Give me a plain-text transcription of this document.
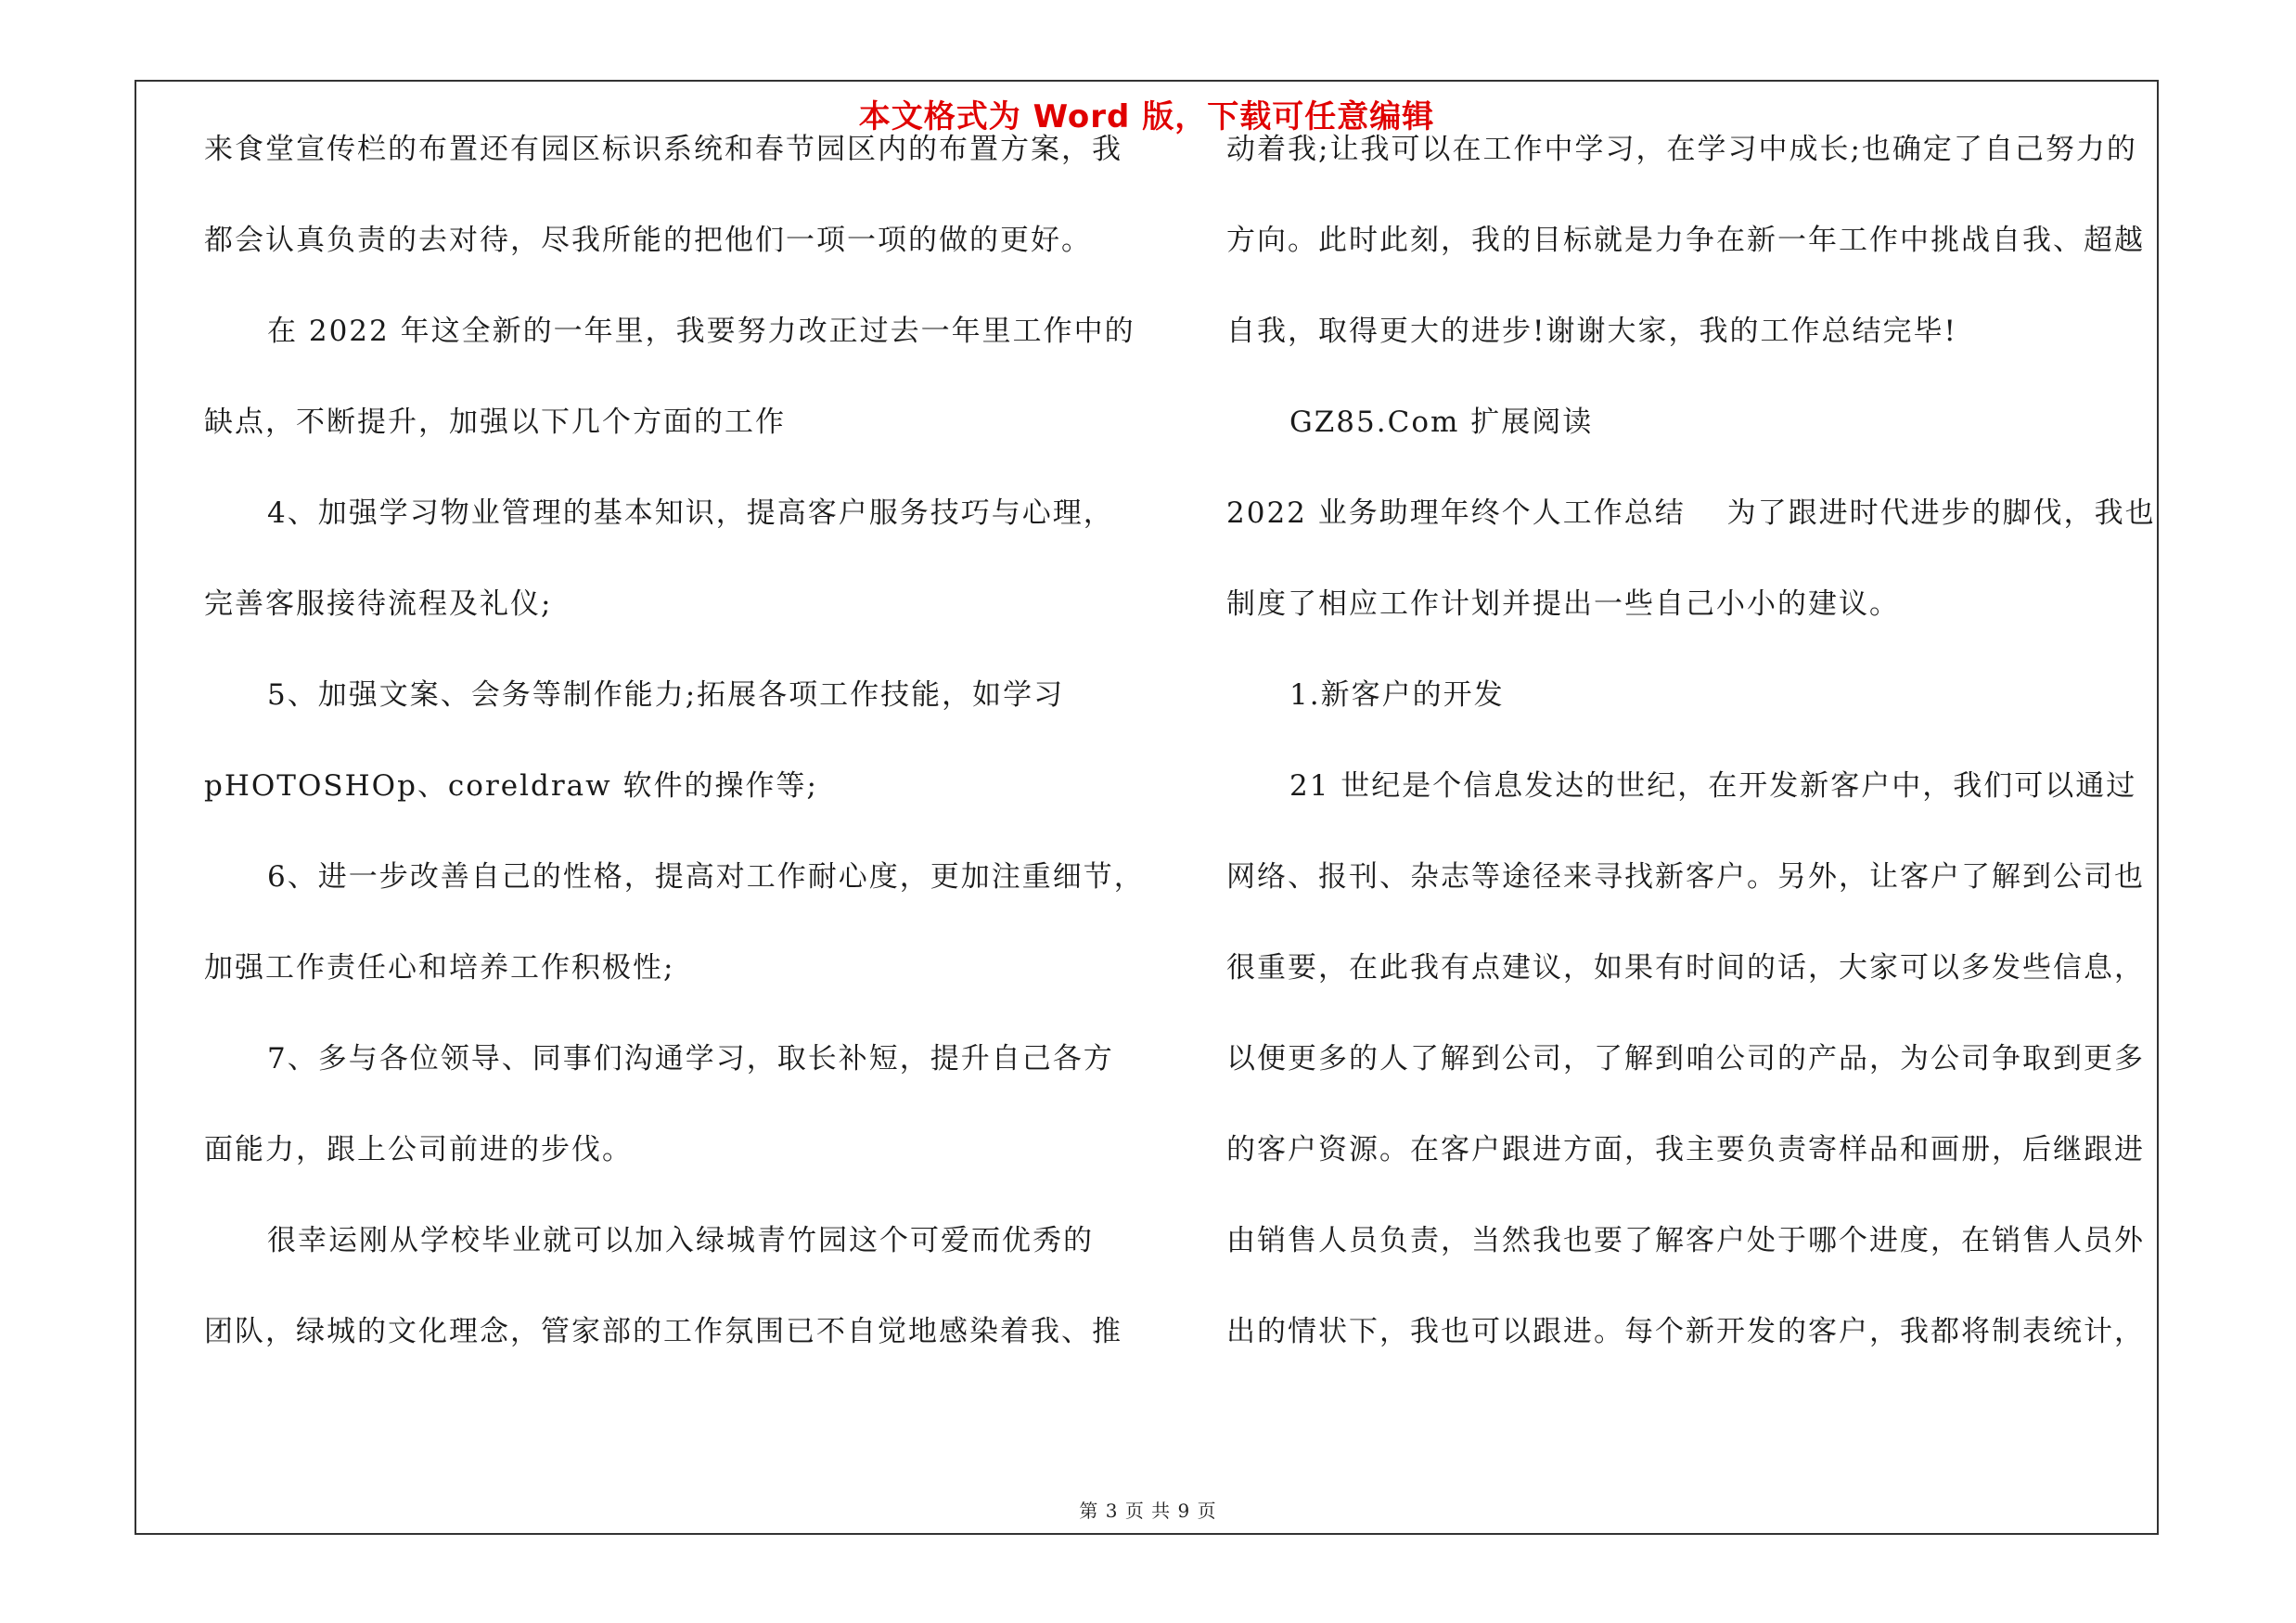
本文格式为 Word 版，下载可任意编辑
来食堂宣传栏的布置还有园区标识系统和春节园区内的布置方案，我
都会认真负责的去对待，尽我所能的把他们一项一项的做的更好。
在 2022 年这全新的一年里，我要努力改正过去一年里工作中的
缺点，不断提升，加强以下几个方面的工作
4、加强学习物业管理的基本知识，提高客户服务技巧与心理，
完善客服接待流程及礼仪;
5、加强文案、会务等制作能力;拓展各项工作技能，如学习
pHOTOSHOp、coreldraw 软件的操作等;
6、进一步改善自己的性格，提高对工作耐心度，更加注重细节，
加强工作责任心和培养工作积极性;
7、多与各位领导、同事们沟通学习，取长补短，提升自己各方
面能力，跟上公司前进的步伐。
很幸运刚从学校毕业就可以加入绿城青竹园这个可爱而优秀的
团队，绿城的文化理念，管家部的工作氛围已不自觉地感染着我、推
动着我;让我可以在工作中学习，在学习中成长;也确定了自己努力的
方向。此时此刻，我的目标就是力争在新一年工作中挑战自我、超越
自我，取得更大的进步!谢谢大家，我的工作总结完毕!
GZ85.Com 扩展阅读
2022 业务助理年终个人工作总结　 为了跟进时代进步的脚伐，我也
制度了相应工作计划并提出一些自己小小的建议。
1.新客户的开发
21 世纪是个信息发达的世纪，在开发新客户中，我们可以通过
网络、报刊、杂志等途径来寻找新客户。另外，让客户了解到公司也
很重要，在此我有点建议，如果有时间的话，大家可以多发些信息，
以便更多的人了解到公司，了解到咱公司的产品，为公司争取到更多
的客户资源。在客户跟进方面，我主要负责寄样品和画册，后继跟进
由销售人员负责，当然我也要了解客户处于哪个进度，在销售人员外
出的情状下，我也可以跟进。每个新开发的客户，我都将制表统计，
第 3 页 共 9 页
